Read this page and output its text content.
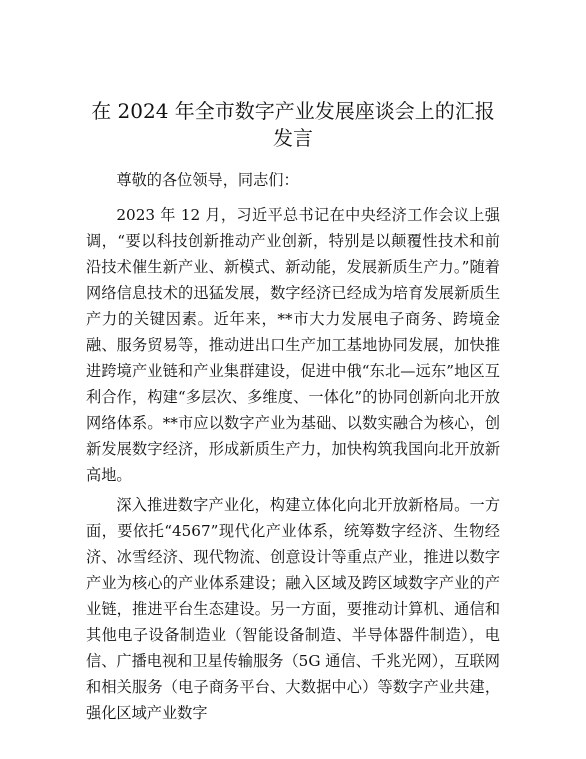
在 2024 年全市数字产业发展座谈会上的汇报发言

尊敬的各位领导，同志们：

2023 年 12 月，习近平总书记在中央经济工作会议上强调，“要以科技创新推动产业创新，特别是以颠覆性技术和前沿技术催生新产业、新模式、新动能，发展新质生产力。”随着网络信息技术的迅猛发展，数字经济已经成为培育发展新质生产力的关键因素。近年来，**市大力发展电子商务、跨境金融、服务贸易等，推动进出口生产加工基地协同发展，加快推进跨境产业链和产业集群建设，促进中俄“东北—远东”地区互利合作，构建“多层次、多维度、一体化”的协同创新向北开放网络体系。**市应以数字产业为基础、以数实融合为核心，创新发展数字经济，形成新质生产力，加快构筑我国向北开放新高地。

深入推进数字产业化，构建立体化向北开放新格局。一方面，要依托“4567”现代化产业体系，统筹数字经济、生物经济、冰雪经济、现代物流、创意设计等重点产业，推进以数字产业为核心的产业体系建设；融入区域及跨区域数字产业的产业链，推进平台生态建设。另一方面，要推动计算机、通信和其他电子设备制造业（智能设备制造、半导体器件制造），电信、广播电视和卫星传输服务（5G 通信、千兆光网），互联网和相关服务（电子商务平台、大数据中心）等数字产业共建，强化区域产业数字
